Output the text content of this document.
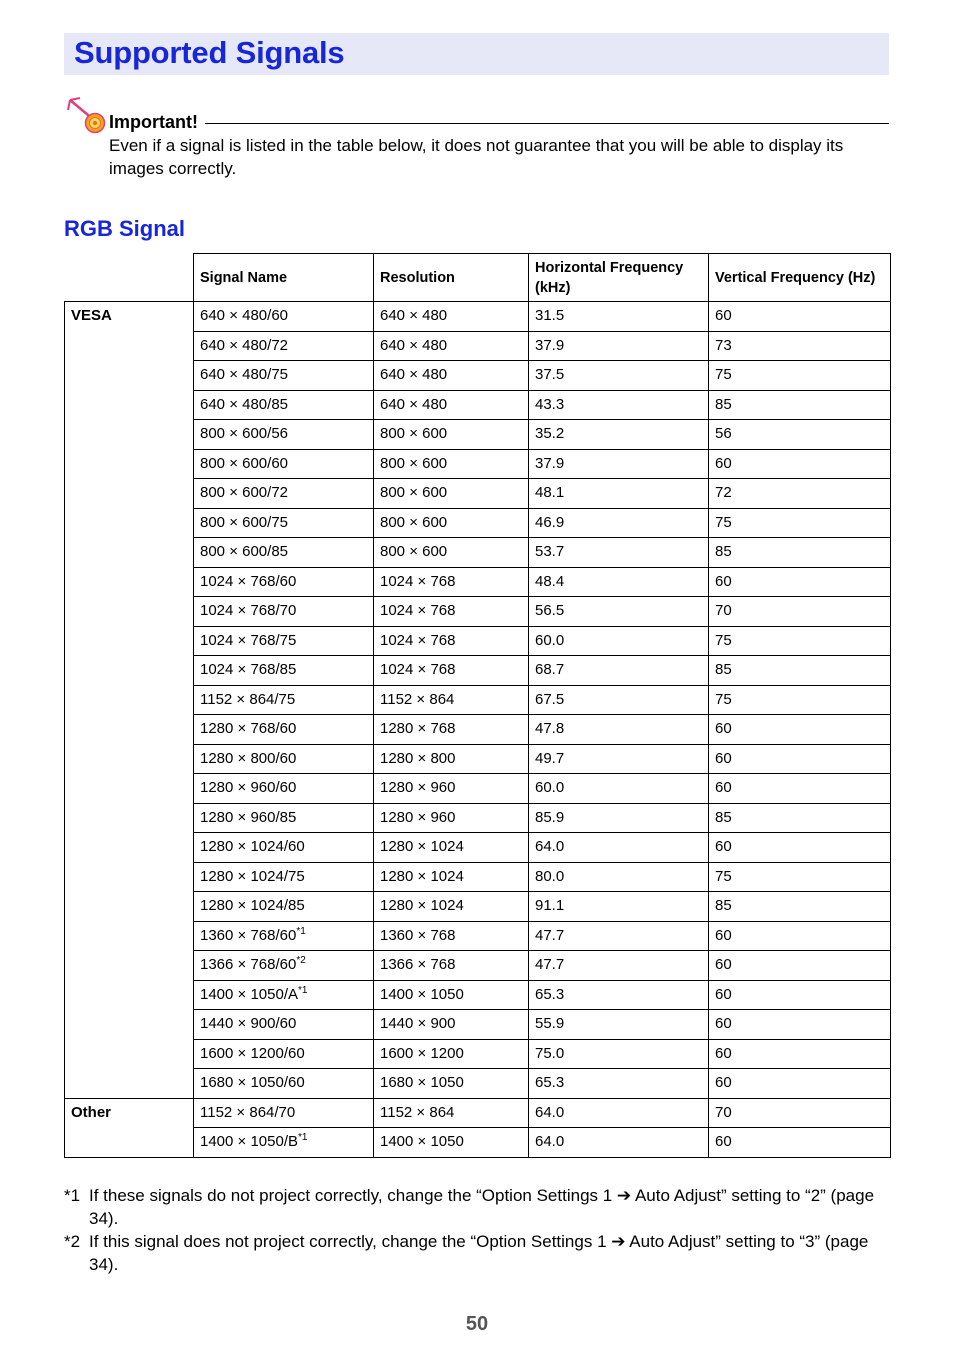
Supported Signals
Important!
Even if a signal is listed in the table below, it does not guarantee that you will be able to display its images correctly.
RGB Signal
	Signal Name	Resolution	Horizontal Frequency (kHz)	Vertical Frequency (Hz)
VESA	640 × 480/60	640 × 480	31.5	60
	640 × 480/72	640 × 480	37.9	73
	640 × 480/75	640 × 480	37.5	75
	640 × 480/85	640 × 480	43.3	85
	800 × 600/56	800 × 600	35.2	56
	800 × 600/60	800 × 600	37.9	60
	800 × 600/72	800 × 600	48.1	72
	800 × 600/75	800 × 600	46.9	75
	800 × 600/85	800 × 600	53.7	85
	1024 × 768/60	1024 × 768	48.4	60
	1024 × 768/70	1024 × 768	56.5	70
	1024 × 768/75	1024 × 768	60.0	75
	1024 × 768/85	1024 × 768	68.7	85
	1152 × 864/75	1152 × 864	67.5	75
	1280 × 768/60	1280 × 768	47.8	60
	1280 × 800/60	1280 × 800	49.7	60
	1280 × 960/60	1280 × 960	60.0	60
	1280 × 960/85	1280 × 960	85.9	85
	1280 × 1024/60	1280 × 1024	64.0	60
	1280 × 1024/75	1280 × 1024	80.0	75
	1280 × 1024/85	1280 × 1024	91.1	85
	$1360 \times 768/60^{*1}$	1360 × 768	47.7	60
	$1366 \times 768/60^{*2}$	1366 × 768	47.7	60
	$1400 \times 1050/A^{*1}$	1400 × 1050	65.3	60
	1440 × 900/60	1440 × 900	55.9	60
	1600 × 1200/60	1600 × 1200	75.0	60
	1680 × 1050/60	1680 × 1050	65.3	60
Other	1152 × 864/70	1152 × 864	64.0	70
	$1400 \times 1050/B^{*1}$	1400 × 1050	64.0	60
*1 If these signals do not project correctly, change the “Option Settings 1 ➔ Auto Adjust” setting to “2” (page 34).
*2 If this signal does not project correctly, change the “Option Settings 1 ➔ Auto Adjust” setting to “3” (page 34).
50
